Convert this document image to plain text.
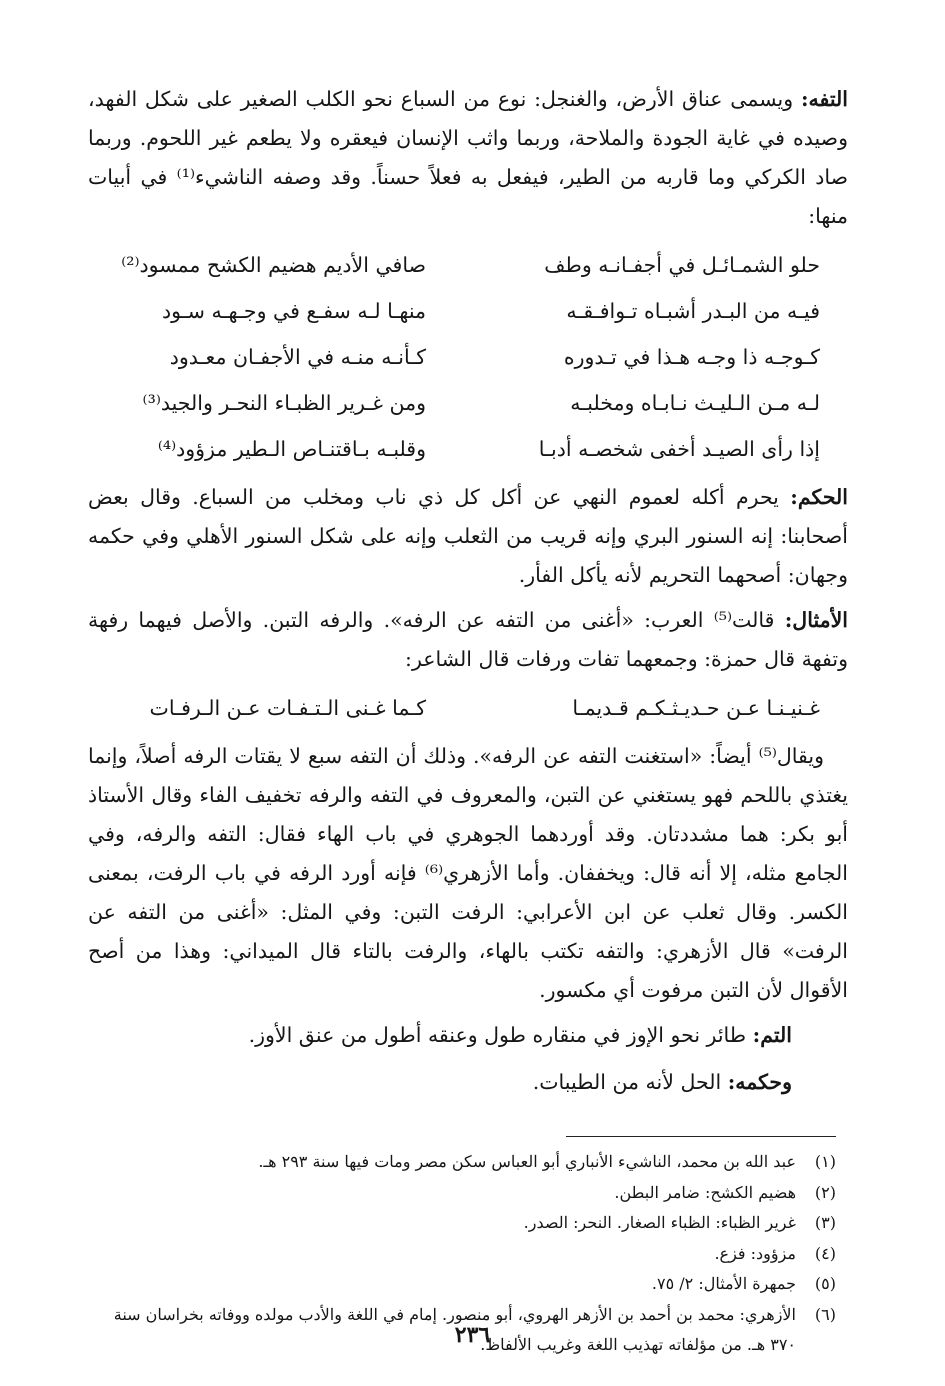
التفه: ويسمى عناق الأرض، والغنجل: نوع من السباع نحو الكلب الصغير على شكل الفهد، وصيده في غاية الجودة والملاحة، وربما واثب الإنسان فيعقره ولا يطعم غير اللحوم. وربما صاد الكركي وما قاربه من الطير، فيفعل به فعلاً حسناً. وقد وصفه الناشيء⁽¹⁾ في أبيات منها:

حلو الشمـائـل في أجفـانـه وطف
صافي الأديم هضيم الكشح ممسود⁽²⁾
فيـه من البـدر أشبـاه تـوافـقـه
منهـا لـه سفـع في وجـهـه سـود
كـوجـه ذا وجـه هـذا في تـدوره
كـأنـه منـه في الأجفـان معـدود
لـه مـن الـليـث نـابـاه ومخلبـه
ومن غـرير الظبـاء النحـر والجيد⁽³⁾
إذا رأى الصيـد أخفى شخصـه أدبـا
وقلبـه بـاقتنـاص الـطير مزؤود⁽⁴⁾

الحكم: يحرم أكله لعموم النهي عن أكل كل ذي ناب ومخلب من السباع. وقال بعض أصحابنا: إنه السنور البري وإنه قريب من الثعلب وإنه على شكل السنور الأهلي وفي حكمه وجهان: أصحهما التحريم لأنه يأكل الفأر.

الأمثال: قالت⁽⁵⁾ العرب: «أغنى من التفه عن الرفه». والرفه التبن. والأصل فيهما رفهة وتفهة قال حمزة: وجمعهما تفات ورفات قال الشاعر:

غـنيـنـا عـن حـديـثـكـم قـديمـا
كـما غـنى الـتـفـات عـن الـرفـات

ويقال⁽⁵⁾ أيضاً: «استغنت التفه عن الرفه». وذلك أن التفه سبع لا يقتات الرفه أصلاً، وإنما يغتذي باللحم فهو يستغني عن التبن، والمعروف في التفه والرفه تخفيف الفاء وقال الأستاذ أبو بكر: هما مشددتان. وقد أوردهما الجوهري في باب الهاء فقال: التفه والرفه، وفي الجامع مثله، إلا أنه قال: ويخففان. وأما الأزهري⁽⁶⁾ فإنه أورد الرفه في باب الرفت، بمعنى الكسر. وقال ثعلب عن ابن الأعرابي: الرفت التبن: وفي المثل: «أغنى من التفه عن الرفت» قال الأزهري: والتفه تكتب بالهاء، والرفت بالتاء قال الميداني: وهذا من أصح الأقوال لأن التبن مرفوت أي مكسور.

التم: طائر نحو الإوز في منقاره طول وعنقه أطول من عنق الأوز.

وحكمه: الحل لأنه من الطيبات.

(١)
عبد الله بن محمد، الناشيء الأنباري أبو العباس سكن مصر ومات فيها سنة ٢٩٣ هـ.
(٢)
هضيم الكشح: ضامر البطن.
(٣)
غرير الظباء: الظباء الصغار. النحر: الصدر.
(٤)
مزؤود: فزع.
(٥)
جمهرة الأمثال: ٢/ ٧٥.
(٦)
الأزهري: محمد بن أحمد بن الأزهر الهروي، أبو منصور. إمام في اللغة والأدب مولده ووفاته بخراسان سنة ٣٧٠ هـ. من مؤلفاته تهذيب اللغة وغريب الألفاظ.
٢٣٦
